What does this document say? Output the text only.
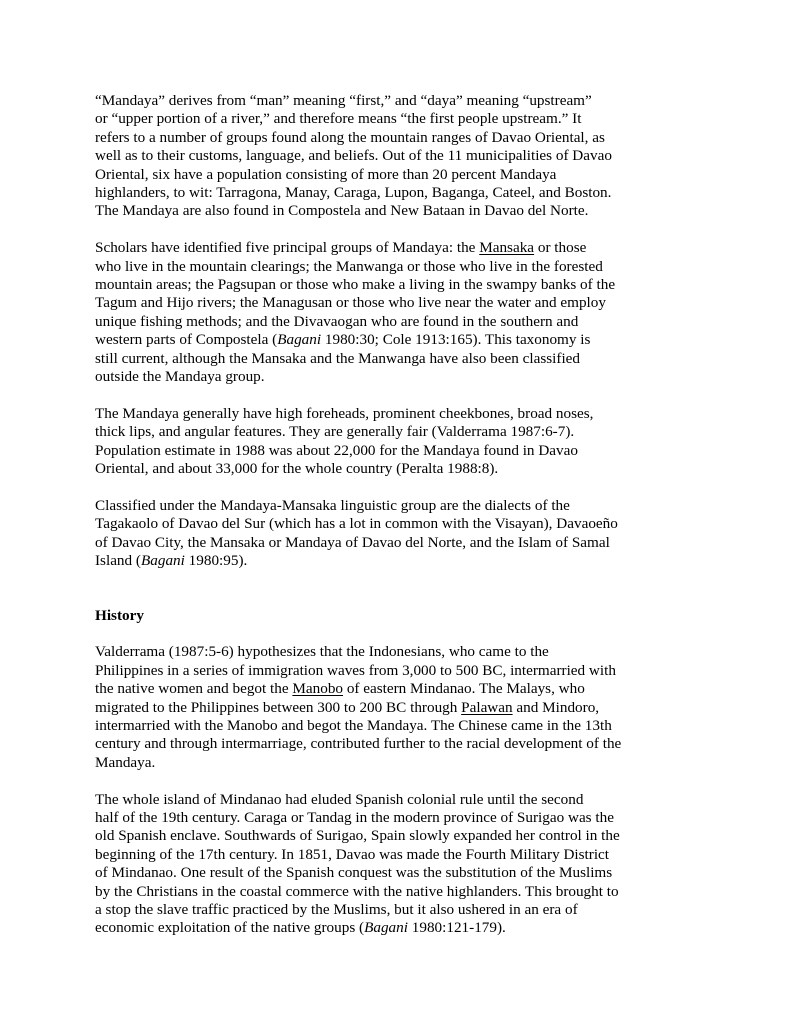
“Mandaya” derives from “man” meaning “first,” and “daya” meaning “upstream”
or “upper portion of a river,” and therefore means “the first people upstream.” It
refers to a number of groups found along the mountain ranges of Davao Oriental, as
well as to their customs, language, and beliefs. Out of the 11 municipalities of Davao
Oriental, six have a population consisting of more than 20 percent Mandaya
highlanders, to wit: Tarragona, Manay, Caraga, Lupon, Baganga, Cateel, and Boston.
The Mandaya are also found in Compostela and New Bataan in Davao del Norte.

Scholars have identified five principal groups of Mandaya: the Mansaka or those
who live in the mountain clearings; the Manwanga or those who live in the forested
mountain areas; the Pagsupan or those who make a living in the swampy banks of the
Tagum and Hijo rivers; the Managusan or those who live near the water and employ
unique fishing methods; and the Divavaogan who are found in the southern and
western parts of Compostela (Bagani 1980:30; Cole 1913:165). This taxonomy is
still current, although the Mansaka and the Manwanga have also been classified
outside the Mandaya group.

The Mandaya generally have high foreheads, prominent cheekbones, broad noses,
thick lips, and angular features. They are generally fair (Valderrama 1987:6-7).
Population estimate in 1988 was about 22,000 for the Mandaya found in Davao
Oriental, and about 33,000 for the whole country (Peralta 1988:8).

Classified under the Mandaya-Mansaka linguistic group are the dialects of the
Tagakaolo of Davao del Sur (which has a lot in common with the Visayan), Davaoeño
of Davao City, the Mansaka or Mandaya of Davao del Norte, and the Islam of Samal
Island (Bagani 1980:95).

History

Valderrama (1987:5-6) hypothesizes that the Indonesians, who came to the
Philippines in a series of immigration waves from 3,000 to 500 BC, intermarried with
the native women and begot the Manobo of eastern Mindanao. The Malays, who
migrated to the Philippines between 300 to 200 BC through Palawan and Mindoro,
intermarried with the Manobo and begot the Mandaya. The Chinese came in the 13th
century and through intermarriage, contributed further to the racial development of the
Mandaya.

The whole island of Mindanao had eluded Spanish colonial rule until the second
half of the 19th century. Caraga or Tandag in the modern province of Surigao was the
old Spanish enclave. Southwards of Surigao, Spain slowly expanded her control in the
beginning of the 17th century. In 1851, Davao was made the Fourth Military District
of Mindanao. One result of the Spanish conquest was the substitution of the Muslims
by the Christians in the coastal commerce with the native highlanders. This brought to
a stop the slave traffic practiced by the Muslims, but it also ushered in an era of
economic exploitation of the native groups (Bagani 1980:121-179).
